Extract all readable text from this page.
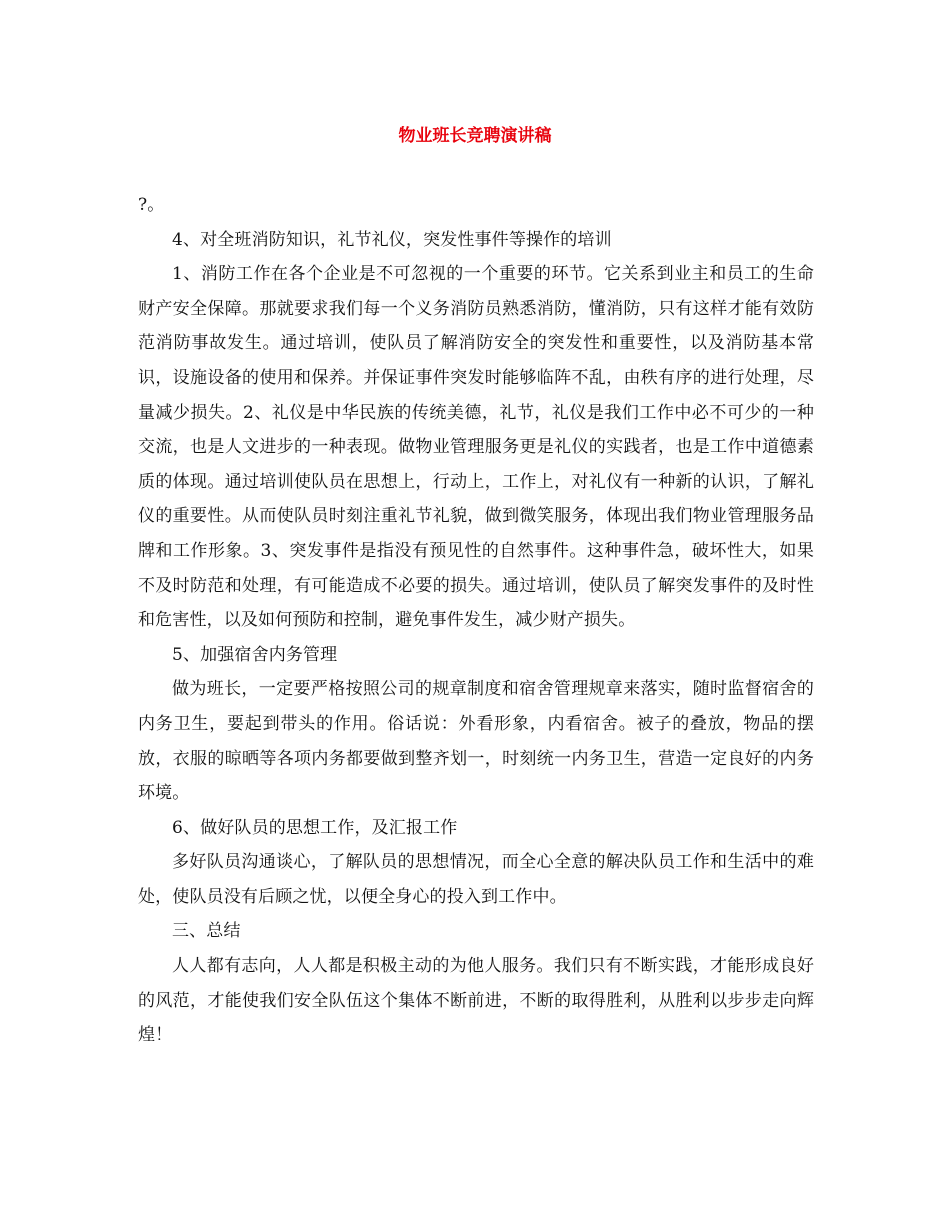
物业班长竞聘演讲稿

?。

4、对全班消防知识，礼节礼仪，突发性事件等操作的培训

1、消防工作在各个企业是不可忽视的一个重要的环节。它关系到业主和员工的生命财产安全保障。那就要求我们每一个义务消防员熟悉消防，懂消防，只有这样才能有效防范消防事故发生。通过培训，使队员了解消防安全的突发性和重要性，以及消防基本常识，设施设备的使用和保养。并保证事件突发时能够临阵不乱，由秩有序的进行处理，尽量减少损失。2、礼仪是中华民族的传统美德，礼节，礼仪是我们工作中必不可少的一种交流，也是人文进步的一种表现。做物业管理服务更是礼仪的实践者，也是工作中道德素质的体现。通过培训使队员在思想上，行动上，工作上，对礼仪有一种新的认识，了解礼仪的重要性。从而使队员时刻注重礼节礼貌，做到微笑服务，体现出我们物业管理服务品牌和工作形象。3、突发事件是指没有预见性的自然事件。这种事件急，破坏性大，如果不及时防范和处理，有可能造成不必要的损失。通过培训，使队员了解突发事件的及时性和危害性，以及如何预防和控制，避免事件发生，减少财产损失。

5、加强宿舍内务管理

做为班长，一定要严格按照公司的规章制度和宿舍管理规章来落实，随时监督宿舍的内务卫生，要起到带头的作用。俗话说：外看形象，内看宿舍。被子的叠放，物品的摆放，衣服的晾晒等各项内务都要做到整齐划一，时刻统一内务卫生，营造一定良好的内务环境。

6、做好队员的思想工作，及汇报工作

多好队员沟通谈心，了解队员的思想情况，而全心全意的解决队员工作和生活中的难处，使队员没有后顾之忧，以便全身心的投入到工作中。

三、总结

人人都有志向，人人都是积极主动的为他人服务。我们只有不断实践，才能形成良好的风范，才能使我们安全队伍这个集体不断前进，不断的取得胜利，从胜利以步步走向辉煌！
